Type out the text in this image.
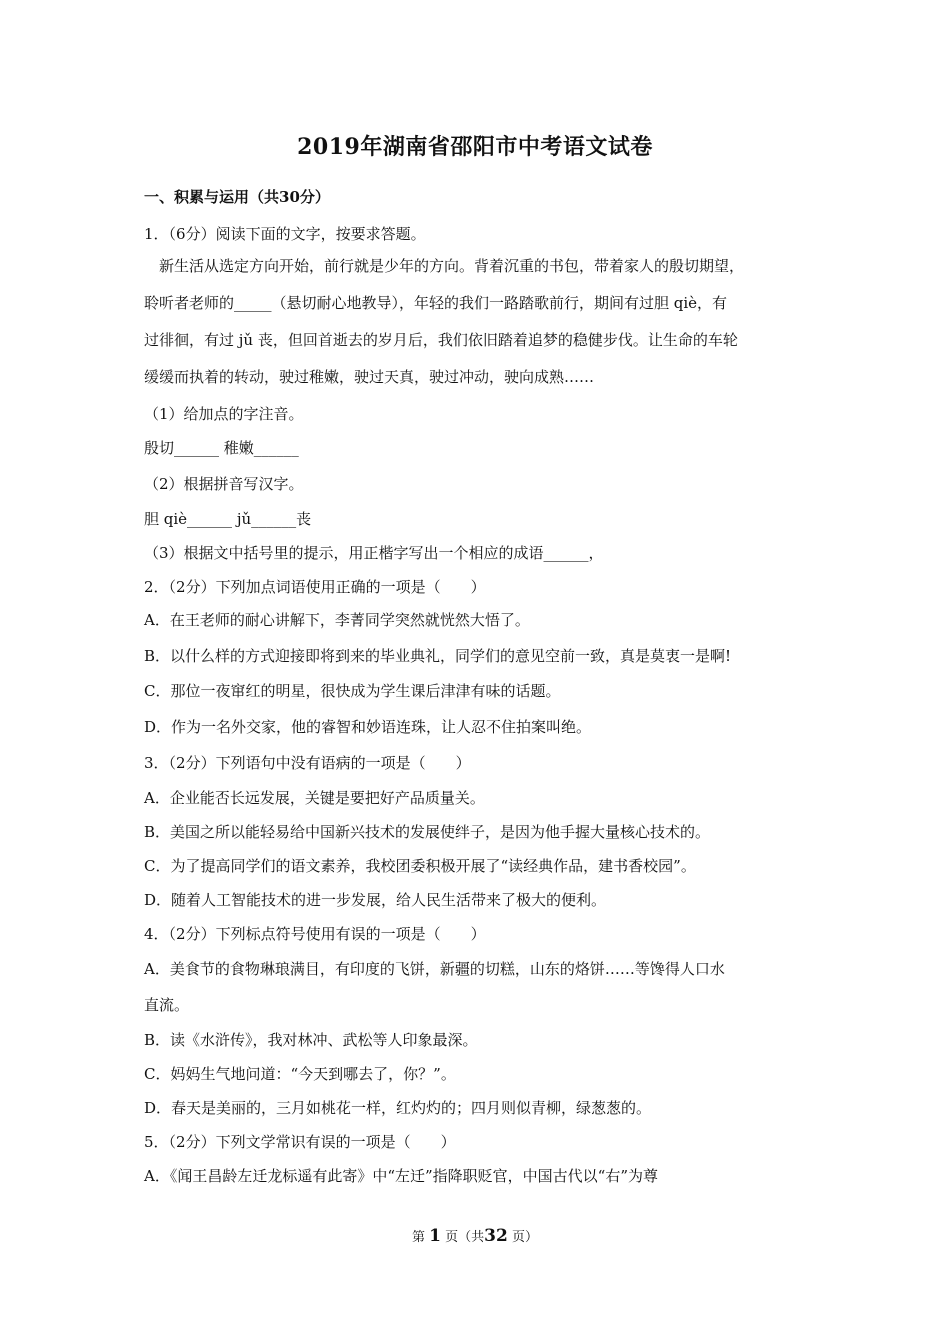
2019年湖南省邵阳市中考语文试卷
一、积累与运用（共30分）
1．（6分）阅读下面的文字，按要求答题。
　新生活从选定方向开始，前行就是少年的方向。背着沉重的书包，带着家人的殷切期望，
聆听者老师的_____（悬切耐心地教导），年轻的我们一路踏歌前行，期间有过胆 qiè，有
过徘徊，有过 jǔ 丧，但回首逝去的岁月后，我们依旧踏着追梦的稳健步伐。让生命的车轮
缓缓而执着的转动，驶过稚嫩，驶过天真，驶过冲动，驶向成熟……
（1）给加点的字注音。
殷切______ 稚嫩______
（2）根据拼音写汉字。
胆 qiè______ jǔ______丧
（3）根据文中括号里的提示，用正楷字写出一个相应的成语______，
2．（2分）下列加点词语使用正确的一项是（　　）
A．在王老师的耐心讲解下，李菁同学突然就恍然大悟了。
B．以什么样的方式迎接即将到来的毕业典礼，同学们的意见空前一致，真是莫衷一是啊!
C．那位一夜窜红的明星，很快成为学生课后津津有味的话题。
D．作为一名外交家，他的睿智和妙语连珠，让人忍不住拍案叫绝。
3．（2分）下列语句中没有语病的一项是（　　）
A．企业能否长远发展，关键是要把好产品质量关。
B．美国之所以能轻易给中国新兴技术的发展使绊子，是因为他手握大量核心技术的。
C．为了提高同学们的语文素养，我校团委积极开展了“读经典作品，建书香校园”。
D．随着人工智能技术的进一步发展，给人民生活带来了极大的便利。
4．（2分）下列标点符号使用有误的一项是（　　）
A．美食节的食物琳琅满目，有印度的飞饼，新疆的切糕，山东的烙饼……等馋得人口水
直流。
B．读《水浒传》，我对林冲、武松等人印象最深。
C．妈妈生气地问道：“今天到哪去了，你？”。
D．春天是美丽的，三月如桃花一样，红灼灼的；四月则似青柳，绿葱葱的。
5．（2分）下列文学常识有误的一项是（　　）
A．《闻王昌龄左迁龙标遥有此寄》中“左迁”指降职贬官，中国古代以“右”为尊
第 1 页（共32 页）
